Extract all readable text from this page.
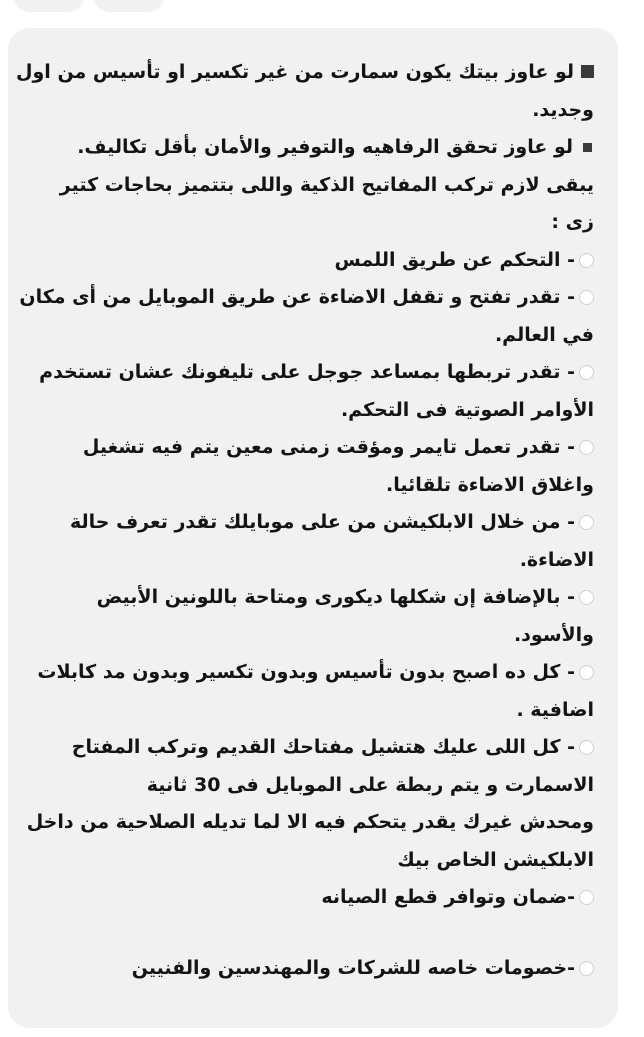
لو عاوز بيتك يكون سمارت من غير تكسير او تأسيس من اول
وجديد.
لو عاوز تحقق الرفاهيه والتوفير والأمان بأقل تكاليف.
يبقى لازم تركب المفاتيح الذكية واللى بتتميز بحاجات كتير
زى :
- التحكم عن طريق اللمس
- تقدر تفتح و تقفل الاضاءة عن طريق الموبايل من أى مكان
في العالم.
- تقدر تربطها بمساعد جوجل على تليفونك عشان تستخدم
الأوامر الصوتية فى التحكم.
- تقدر تعمل تايمر ومؤقت زمنى معين يتم فيه تشغيل
واغلاق الاضاءة تلقائيا.
- من خلال الابلكيشن من على موبايلك تقدر تعرف حالة
الاضاءة.
- بالإضافة إن شكلها ديكورى ومتاحة باللونين الأبيض
والأسود.
- كل ده اصبح بدون تأسيس وبدون تكسير وبدون مد كابلات
اضافية .
- كل اللى عليك هتشيل مفتاحك القديم وتركب المفتاح
الاسمارت و يتم ربطة على الموبايل فى 30 ثانية
ومحدش غيرك يقدر يتحكم فيه الا لما تديله الصلاحية من داخل
الابلكيشن الخاص بيك
-ضمان وتوافر قطع الصيانه
-خصومات خاصه للشركات والمهندسين والفنيين
